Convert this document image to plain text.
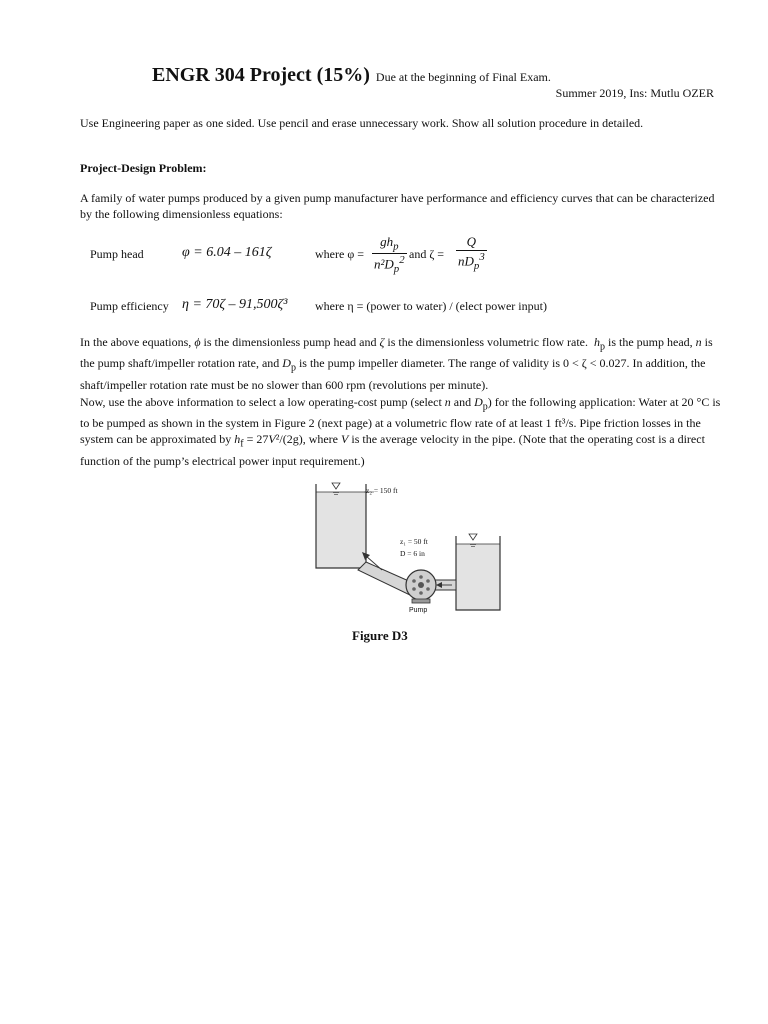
ENGR 304 Project (15%) Due at the beginning of Final Exam.
Summer 2019, Ins: Mutlu OZER
Use Engineering paper as one sided. Use pencil and erase unnecessary work. Show all solution procedure in detailed.
Project-Design Problem:
A family of water pumps produced by a given pump manufacturer have performance and efficiency curves that can be characterized by the following dimensionless equations:
Pump head	φ = 6.04 – 161ζ	where φ =
$gh_p$
$n^2D_p^2$ and ζ =
Q
$nD_p^3$
Pump efficiency η = 70ζ – 91,500ζ³ where η = (power to water) / (elect power input)
In the above equations, ϕ is the dimensionless pump head and ζ is the dimensionless volumetric flow rate. $h_p$ is the pump head, n is the pump shaft/impeller rotation rate, and $D_p$ is the pump impeller diameter. The range of validity is 0 < ζ < 0.027. In addition, the shaft/impeller rotation rate must be no slower than 600 rpm (revolutions per minute).
Now, use the above information to select a low operating-cost pump (select n and $D_p$) for the following application: Water at 20 °C is to be pumped as shown in the system in Figure 2 (next page) at a volumetric flow rate of at least 1 ft³/s. Pipe friction losses in the system can be approximated by $h_f = 27V^2/(2g)$, where V is the average velocity in the pipe. (Note that the operating cost is a direct function of the pump’s electrical power input requirement.)
z₂ = 150 ft
z₁ = 50 ft
D = 6 in
Pump
Figure D3
